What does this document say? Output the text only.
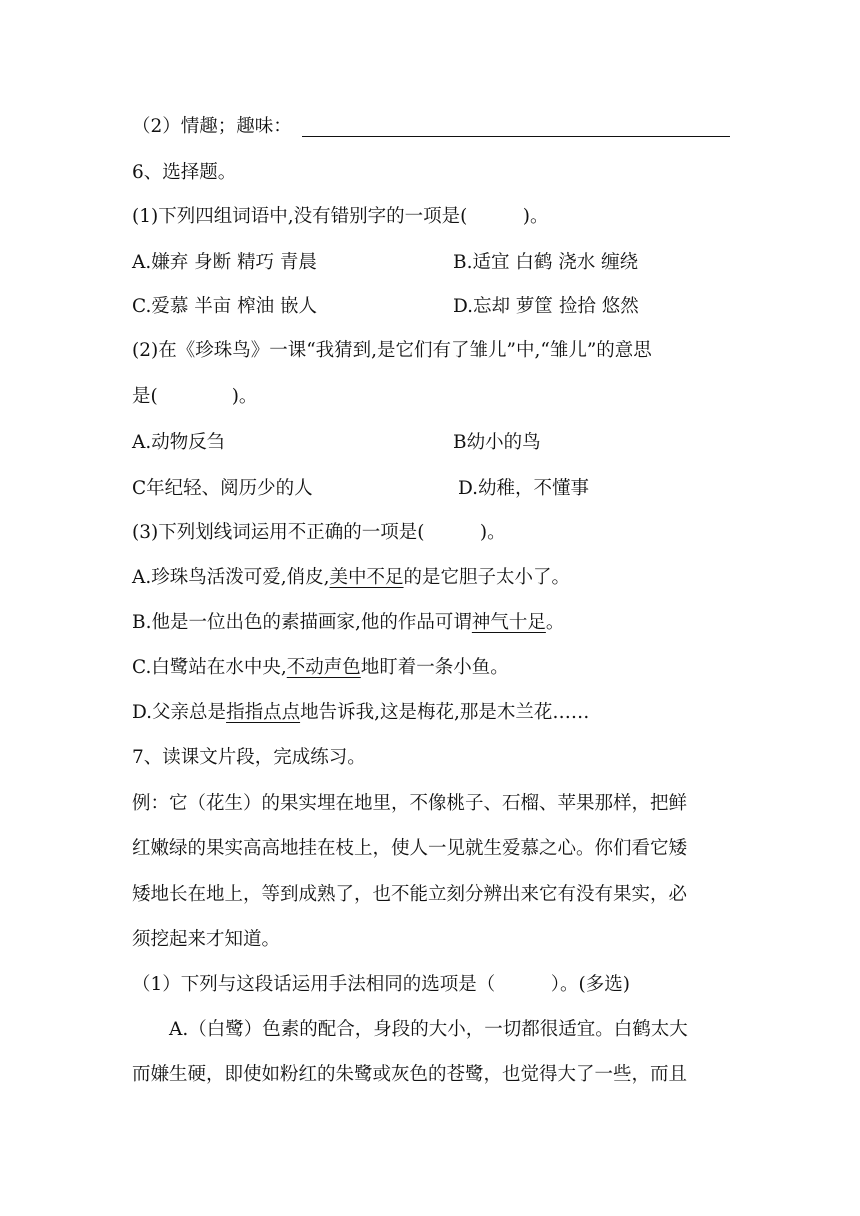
（2）情趣；趣味：
6、选择题。
(1)下列四组词语中,没有错别字的一项是(　　　)。
A.嫌弃 身断 精巧 青晨	B.适宜 白鹤 浇水 缠绕
C.爱慕 半亩 榨油 嵌人	D.忘却 萝筐 捡拾 悠然
(2)在《珍珠鸟》一课“我猜到,是它们有了雏儿”中,“雏儿”的意思
是(　　　　)。
A.动物反刍	B幼小的鸟
C年纪轻、阅历少的人	D.幼稚，不懂事
(3)下列划线词运用不正确的一项是(　　　)。
A.珍珠鸟活泼可爱,俏皮,美中不足的是它胆子太小了。
B.他是一位出色的素描画家,他的作品可谓神气十足。
C.白鹭站在水中央,不动声色地盯着一条小鱼。
D.父亲总是指指点点地告诉我,这是梅花,那是木兰花……
7、读课文片段，完成练习。
例：它（花生）的果实埋在地里，不像桃子、石榴、苹果那样，把鲜
红嫩绿的果实高高地挂在枝上，使人一见就生爱慕之心。你们看它矮
矮地长在地上，等到成熟了，也不能立刻分辨出来它有没有果实，必
须挖起来才知道。
（1）下列与这段话运用手法相同的选项是（　　　）。(多选)
A.（白鹭）色素的配合，身段的大小，一切都很适宜。白鹤太大
而嫌生硬，即使如粉红的朱鹭或灰色的苍鹭，也觉得大了一些，而且
